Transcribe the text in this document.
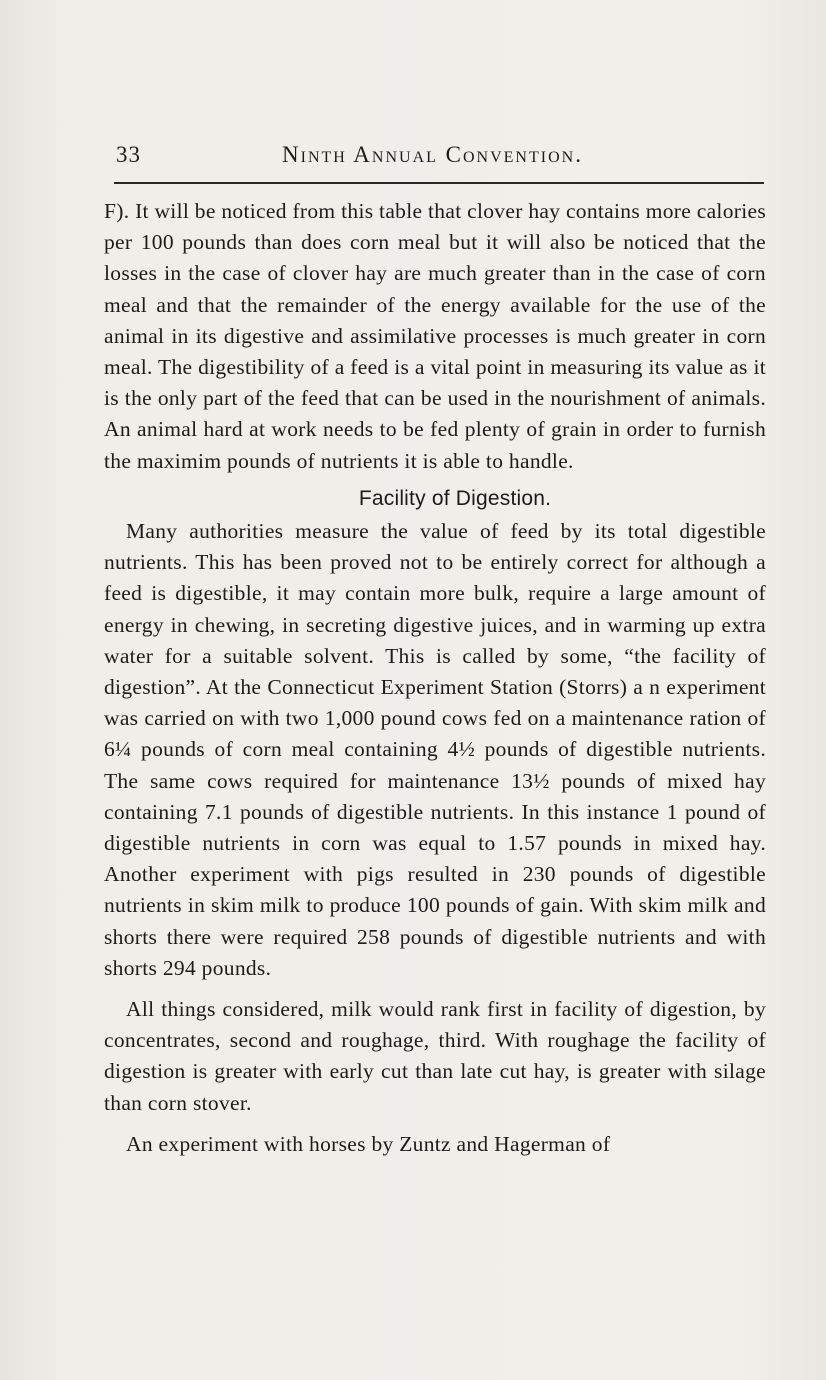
33	Ninth Annual Convention.

F). It will be noticed from this table that clover hay contains more calories per 100 pounds than does corn meal but it will also be noticed that the losses in the case of clover hay are much greater than in the case of corn meal and that the remainder of the energy available for the use of the animal in its digestive and assimilative processes is much greater in corn meal. The digestibility of a feed is a vital point in measuring its value as it is the only part of the feed that can be used in the nourishment of animals. An animal hard at work needs to be fed plenty of grain in order to furnish the maximim pounds of nutrients it is able to handle.

Facility of Digestion.

Many authorities measure the value of feed by its total digestible nutrients. This has been proved not to be entirely correct for although a feed is digestible, it may contain more bulk, require a large amount of energy in chewing, in secreting digestive juices, and in warming up extra water for a suitable solvent. This is called by some, “the facility of digestion”. At the Connecticut Experiment Station (Storrs) a n experiment was carried on with two 1,000 pound cows fed on a maintenance ration of 6¼ pounds of corn meal containing 4½ pounds of digestible nutrients. The same cows required for maintenance 13½ pounds of mixed hay containing 7.1 pounds of digestible nutrients. In this instance 1 pound of digestible nutrients in corn was equal to 1.57 pounds in mixed hay. Another experiment with pigs resulted in 230 pounds of digestible nutrients in skim milk to produce 100 pounds of gain. With skim milk and shorts there were required 258 pounds of digestible nutrients and with shorts 294 pounds.

All things considered, milk would rank first in facility of digestion, by concentrates, second and roughage, third. With roughage the facility of digestion is greater with early cut than late cut hay, is greater with silage than corn stover.

An experiment with horses by Zuntz and Hagerman of
